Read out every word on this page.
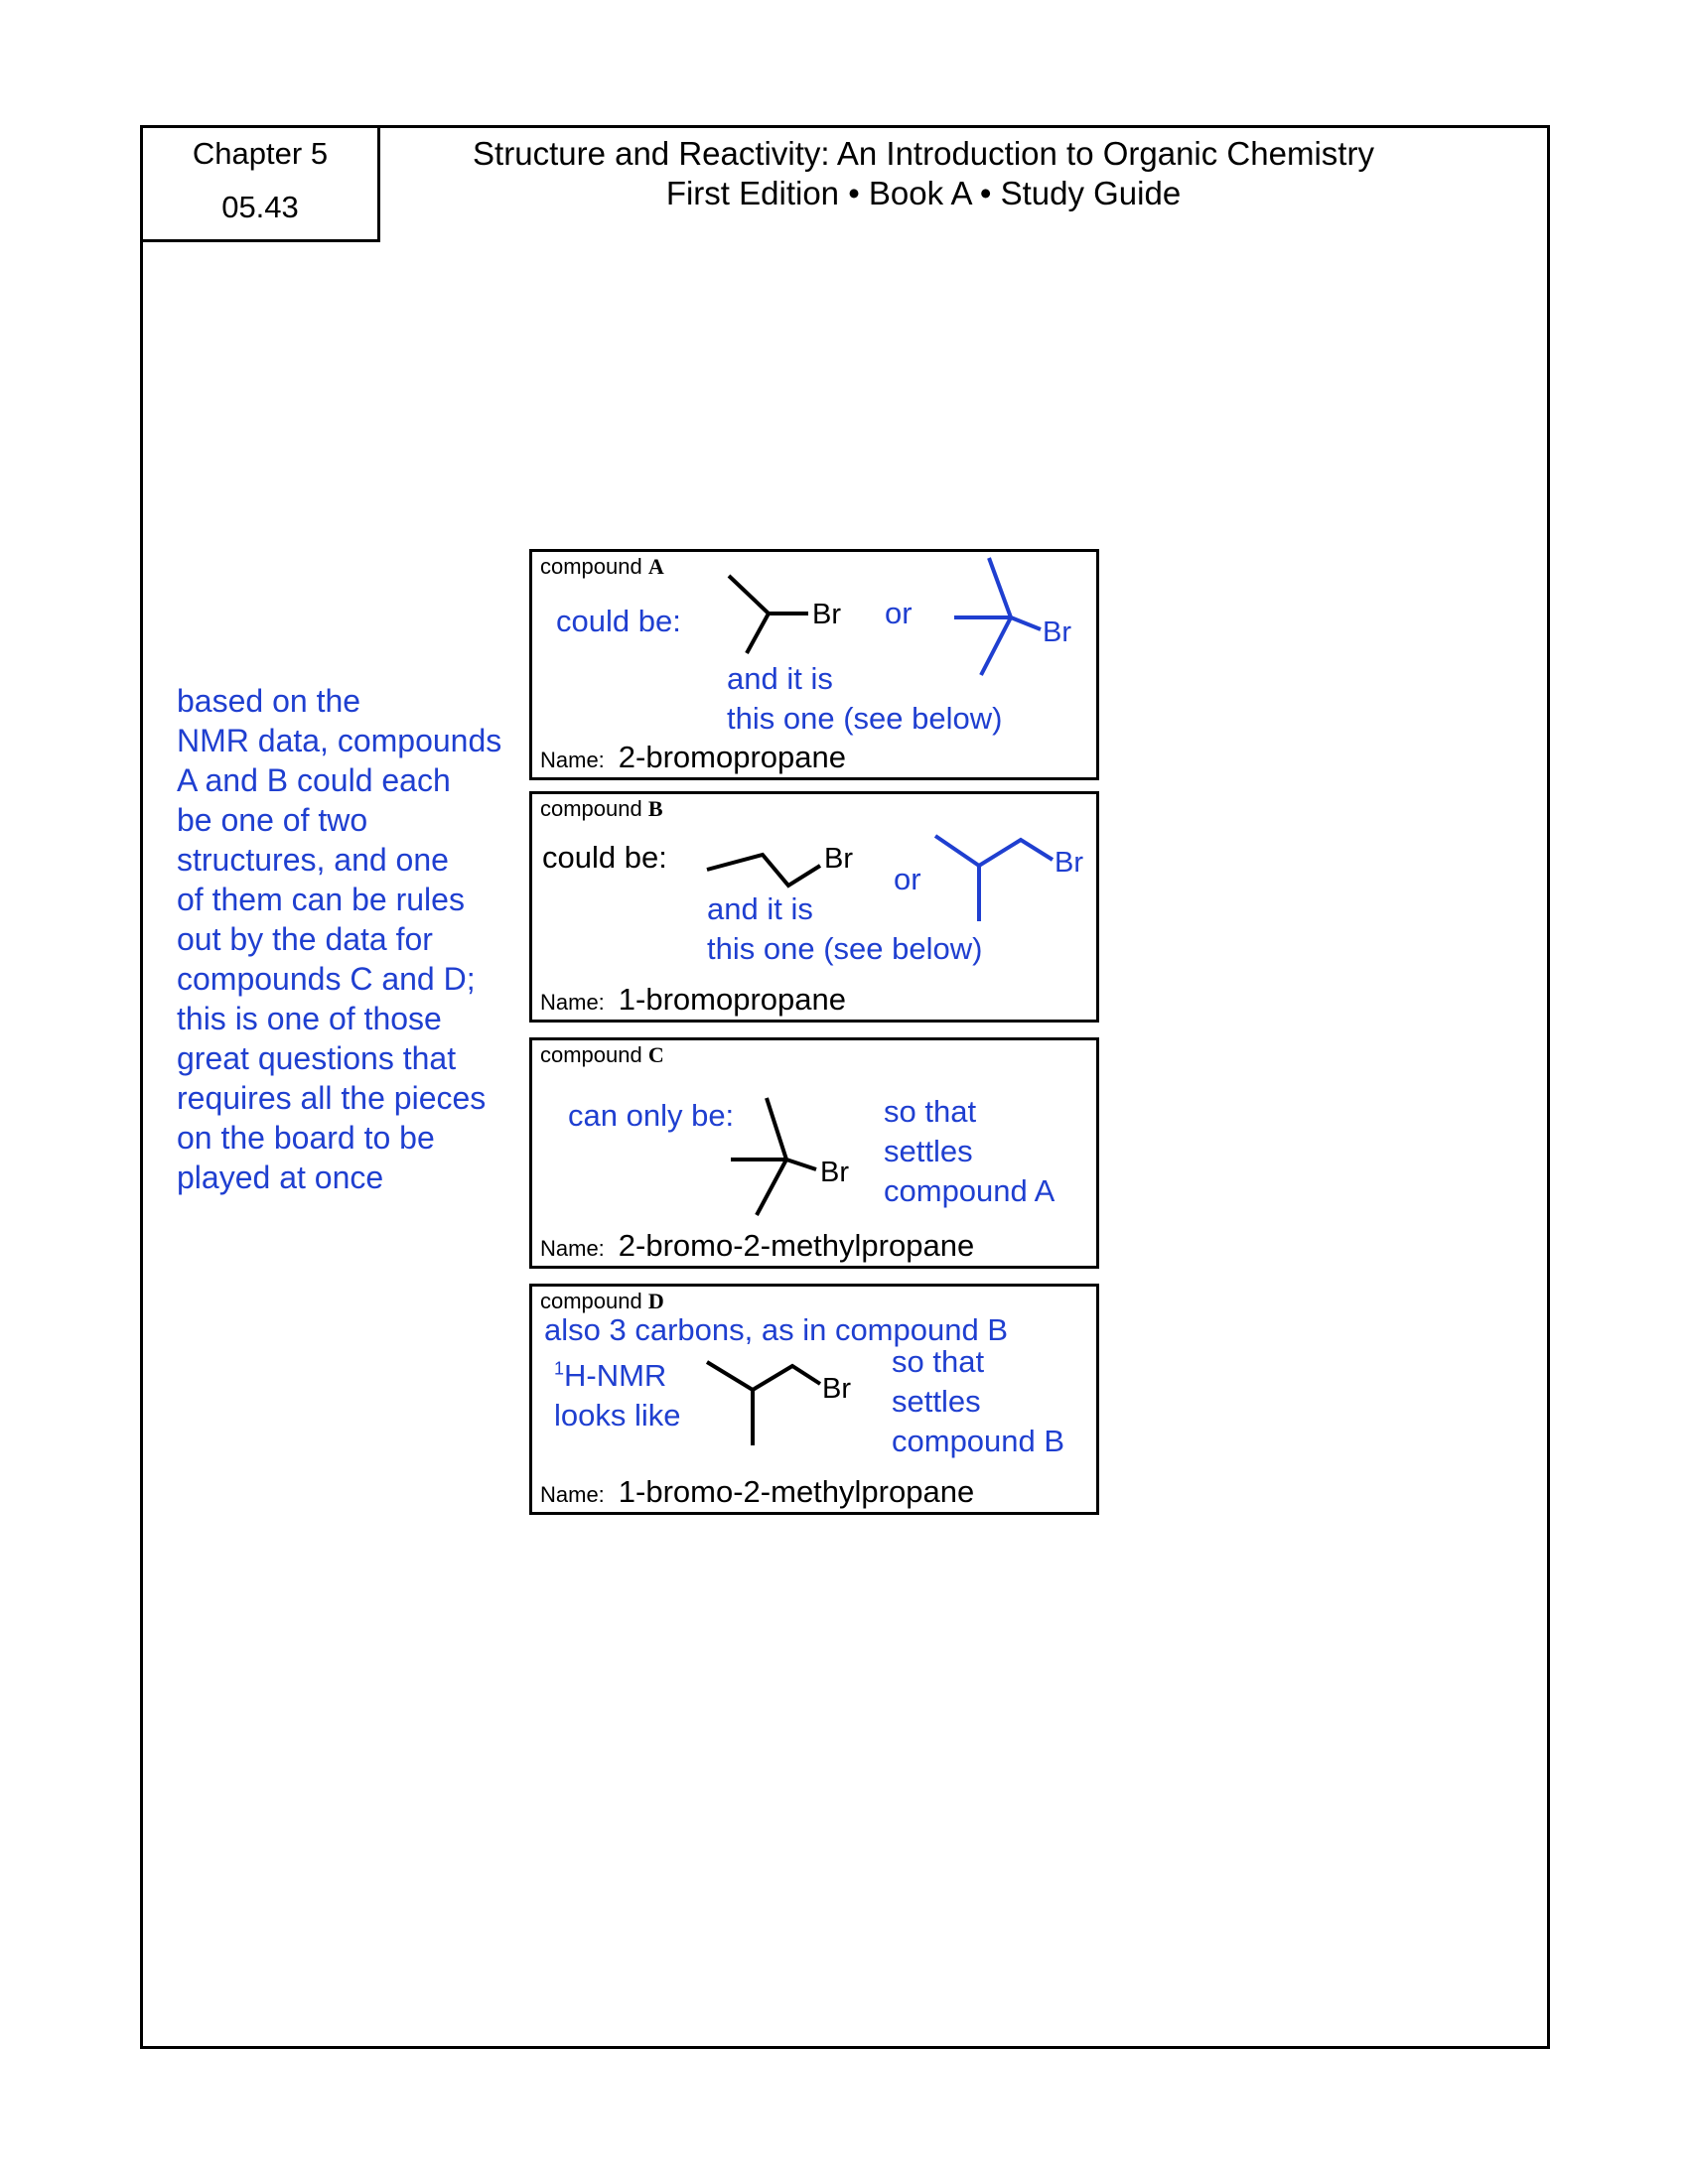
Chapter 5
05.43
Structure and Reactivity: An Introduction to Organic Chemistry
First Edition • Book A • Study Guide
based on the
NMR data, compounds
A and B could each
be one of two
structures, and one
of them can be rules
out by the data for
compounds C and D;
this is one of those
great questions that
requires all the pieces
on the board to be
played at once
compound A
could be:	Br or
Br
and it is
this one (see below)
Name: 2-bromopropane
compound B
could be:	Br
or	Br
and it is
this one (see below)
Name: 1-bromopropane
compound C
can only be:
Br
so that
settles
compound A
Name: 2-bromo-2-methylpropane
compound D
also 3 carbons, as in compound B
$^1$H-NMR
looks like
Br
so that
settles
compound B
Name: 1-bromo-2-methylpropane
